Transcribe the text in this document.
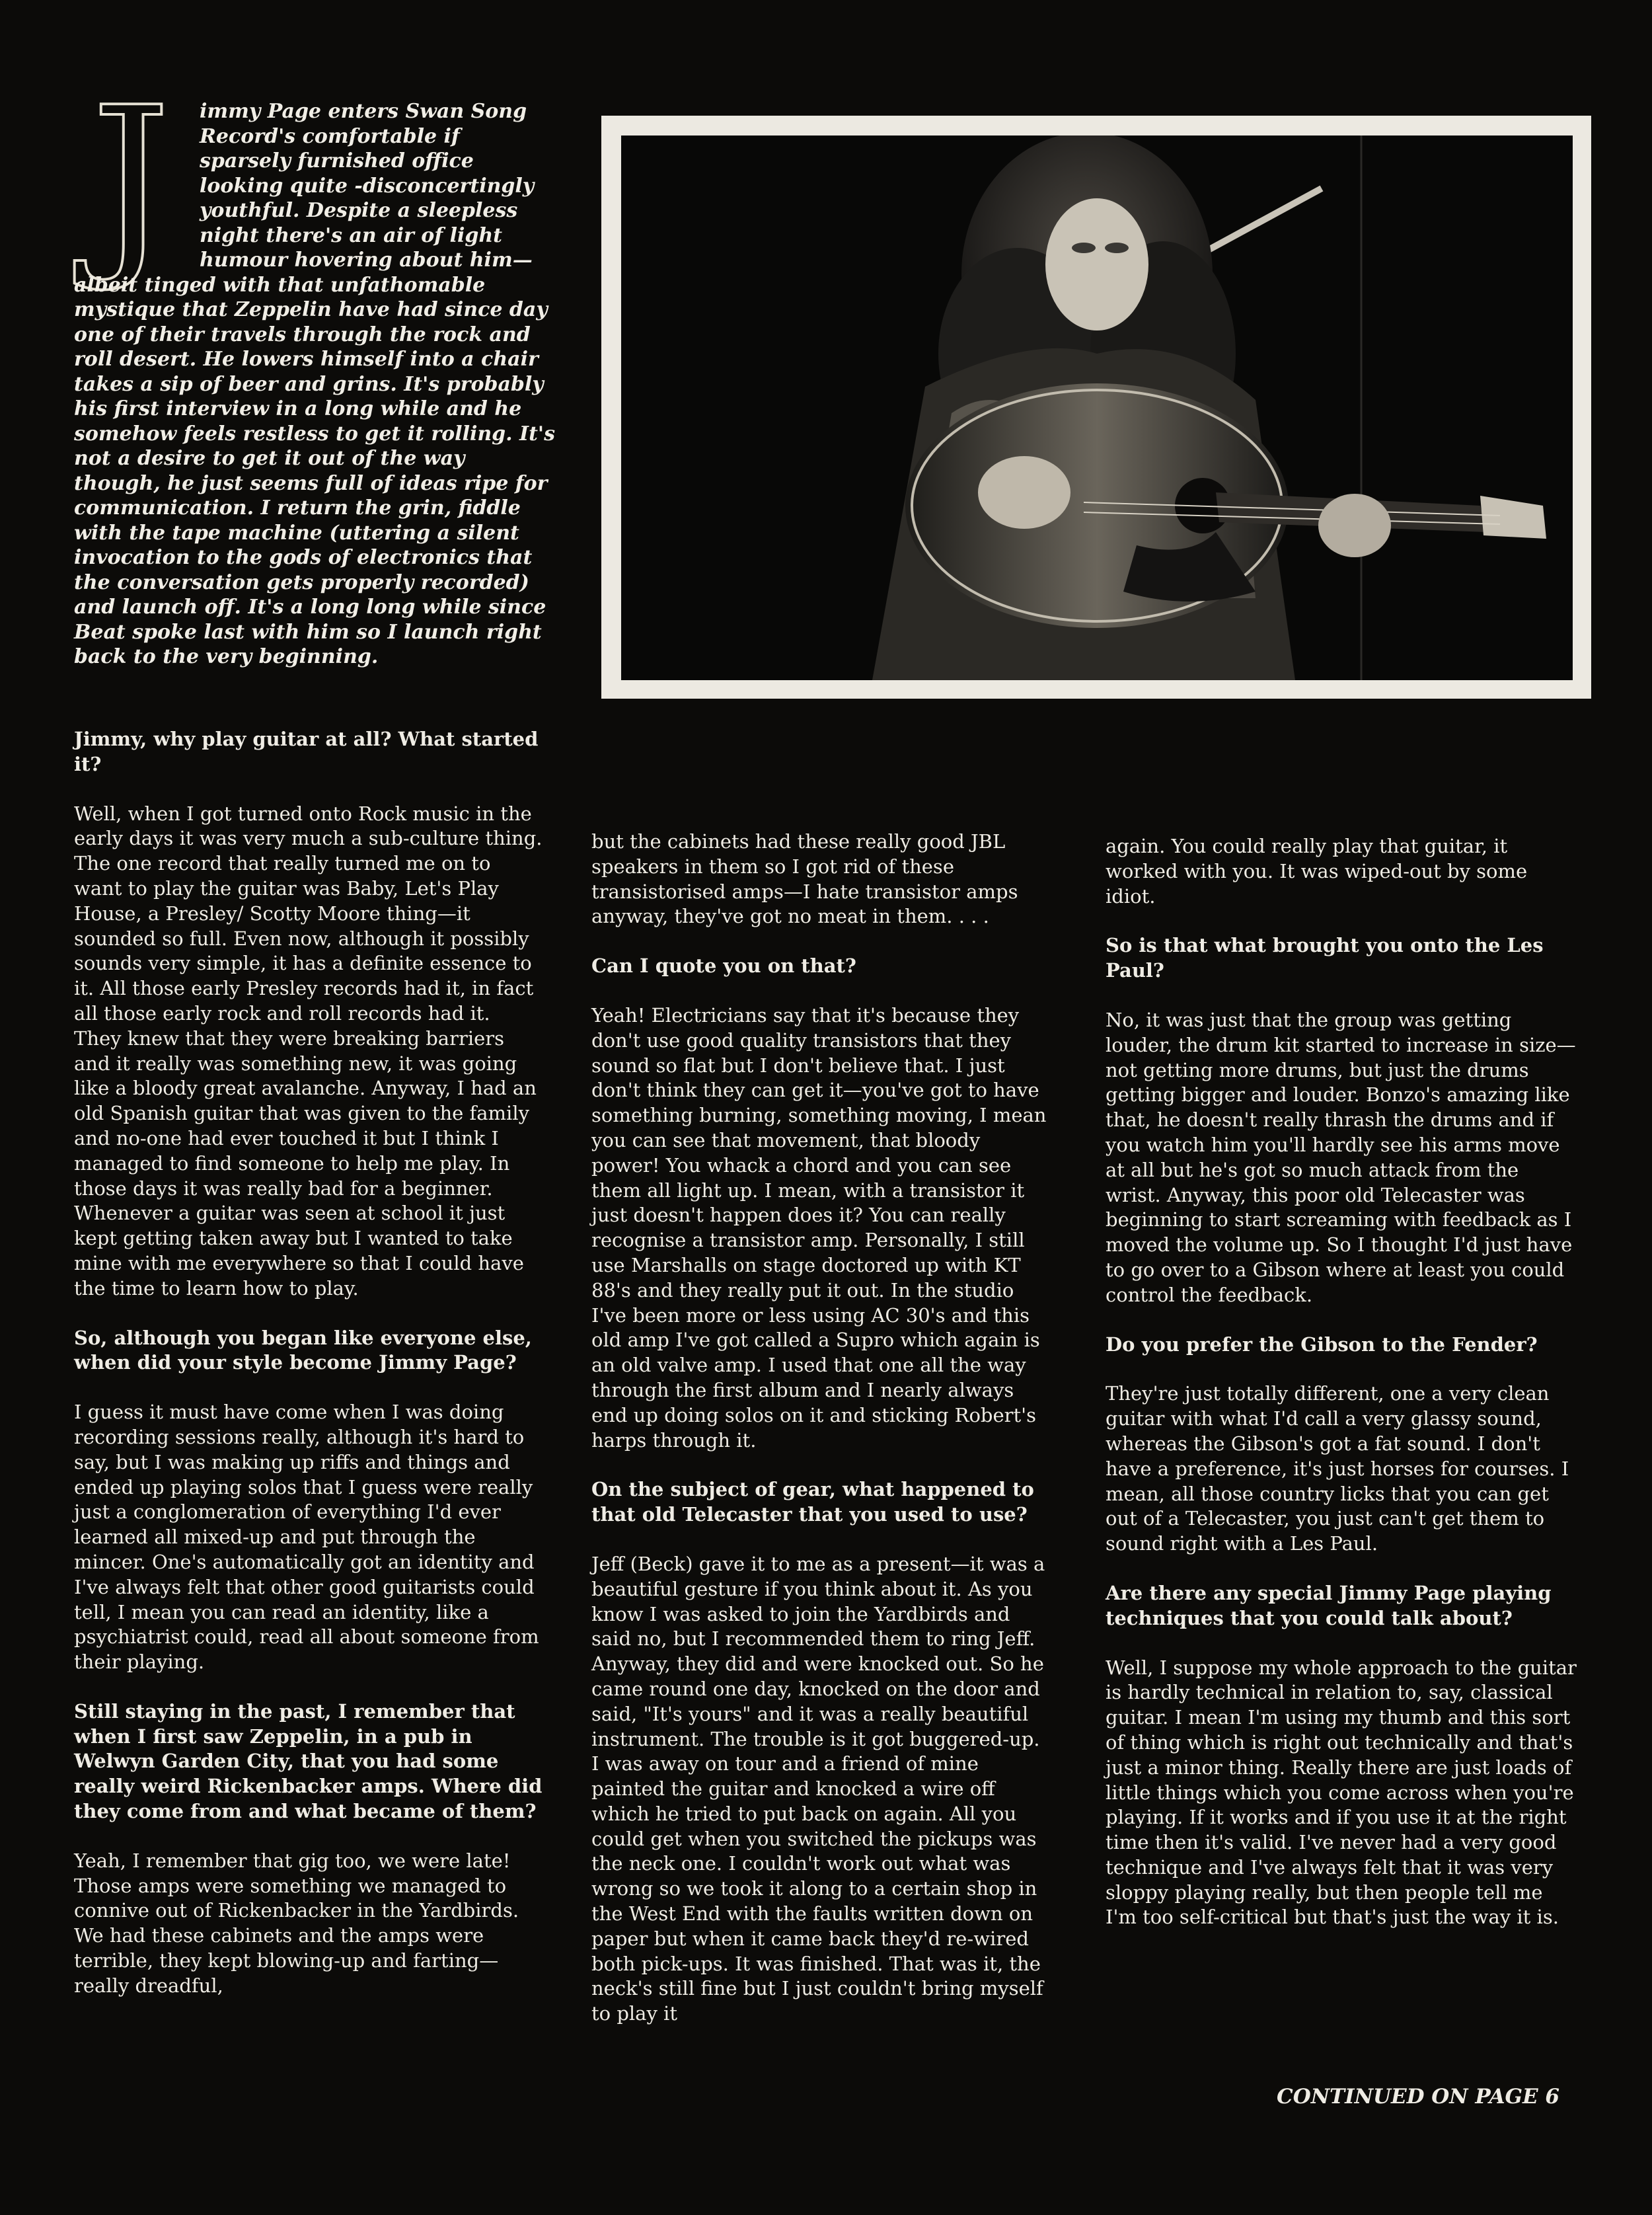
J	immy Page enters Swan Song Record's comfortable if sparsely furnished office looking quite -disconcertingly youthful. Despite a sleepless night there's an air of light humour hovering about him— albeit tinged with that unfathomable mystique that Zeppelin have had since day one of their travels through the rock and roll desert. He lowers himself into a chair takes a sip of beer and grins. It's probably his first interview in a long while and he somehow feels restless to get it rolling. It's not a desire to get it out of the way though, he just seems full of ideas ripe for communication. I return the grin, fiddle with the tape machine (uttering a silent invocation to the gods of electronics that the conversation gets properly recorded) and launch off. It's a long long while since Beat spoke last with him so I launch right back to the very beginning.

Jimmy, why play guitar at all? What started it?

Well, when I got turned onto Rock music in the early days it was very much a sub-culture thing. The one record that really turned me on to want to play the guitar was Baby, Let's Play House, a Presley/ Scotty Moore thing—it sounded so full. Even now, although it possibly sounds very simple, it has a definite essence to it. All those early Presley records had it, in fact all those early rock and roll records had it. They knew that they were breaking barriers and it really was something new, it was going like a bloody great avalanche. Anyway, I had an old Spanish guitar that was given to the family and no-one had ever touched it but I think I managed to find someone to help me play. In those days it was really bad for a beginner. Whenever a guitar was seen at school it just kept getting taken away but I wanted to take mine with me everywhere so that I could have the time to learn how to play.

So, although you began like everyone else, when did your style become Jimmy Page?

I guess it must have come when I was doing recording sessions really, although it's hard to say, but I was making up riffs and things and ended up playing solos that I guess were really just a conglomeration of everything I'd ever learned all mixed-up and put through the mincer. One's automatically got an identity and I've always felt that other good guitarists could tell, I mean you can read an identity, like a psychiatrist could, read all about someone from their playing.

Still staying in the past, I remember that when I first saw Zeppelin, in a pub in Welwyn Garden City, that you had some really weird Rickenbacker amps. Where did they come from and what became of them?

Yeah, I remember that gig too, we were late! Those amps were something we managed to connive out of Rickenbacker in the Yardbirds. We had these cabinets and the amps were terrible, they kept blowing-up and farting—really dreadful,

but the cabinets had these really good JBL speakers in them so I got rid of these transistorised amps—I hate transistor amps anyway, they've got no meat in them. . . .

Can I quote you on that?

Yeah! Electricians say that it's because they don't use good quality transistors that they sound so flat but I don't believe that. I just don't think they can get it—you've got to have something burning, something moving, I mean you can see that movement, that bloody power! You whack a chord and you can see them all light up. I mean, with a transistor it just doesn't happen does it? You can really recognise a transistor amp. Personally, I still use Marshalls on stage doctored up with KT 88's and they really put it out. In the studio I've been more or less using AC 30's and this old amp I've got called a Supro which again is an old valve amp. I used that one all the way through the first album and I nearly always end up doing solos on it and sticking Robert's harps through it.

On the subject of gear, what happened to that old Telecaster that you used to use?

Jeff (Beck) gave it to me as a present—it was a beautiful gesture if you think about it. As you know I was asked to join the Yardbirds and said no, but I recommended them to ring Jeff. Anyway, they did and were knocked out. So he came round one day, knocked on the door and said, "It's yours" and it was a really beautiful instrument. The trouble is it got buggered-up. I was away on tour and a friend of mine painted the guitar and knocked a wire off which he tried to put back on again. All you could get when you switched the pickups was the neck one. I couldn't work out what was wrong so we took it along to a certain shop in the West End with the faults written down on paper but when it came back they'd re-wired both pick-ups. It was finished. That was it, the neck's still fine but I just couldn't bring myself to play it

again. You could really play that guitar, it worked with you. It was wiped-out by some idiot.

So is that what brought you onto the Les Paul?

No, it was just that the group was getting louder, the drum kit started to increase in size—not getting more drums, but just the drums getting bigger and louder. Bonzo's amazing like that, he doesn't really thrash the drums and if you watch him you'll hardly see his arms move at all but he's got so much attack from the wrist. Anyway, this poor old Telecaster was beginning to start screaming with feedback as I moved the volume up. So I thought I'd just have to go over to a Gibson where at least you could control the feedback.

Do you prefer the Gibson to the Fender?

They're just totally different, one a very clean guitar with what I'd call a very glassy sound, whereas the Gibson's got a fat sound. I don't have a preference, it's just horses for courses. I mean, all those country licks that you can get out of a Telecaster, you just can't get them to sound right with a Les Paul.

Are there any special Jimmy Page playing techniques that you could talk about?

Well, I suppose my whole approach to the guitar is hardly technical in relation to, say, classical guitar. I mean I'm using my thumb and this sort of thing which is right out technically and that's just a minor thing. Really there are just loads of little things which you come across when you're playing. If it works and if you use it at the right time then it's valid. I've never had a very good technique and I've always felt that it was very sloppy playing really, but then people tell me I'm too self-critical but that's just the way it is.

CONTINUED ON PAGE 6
